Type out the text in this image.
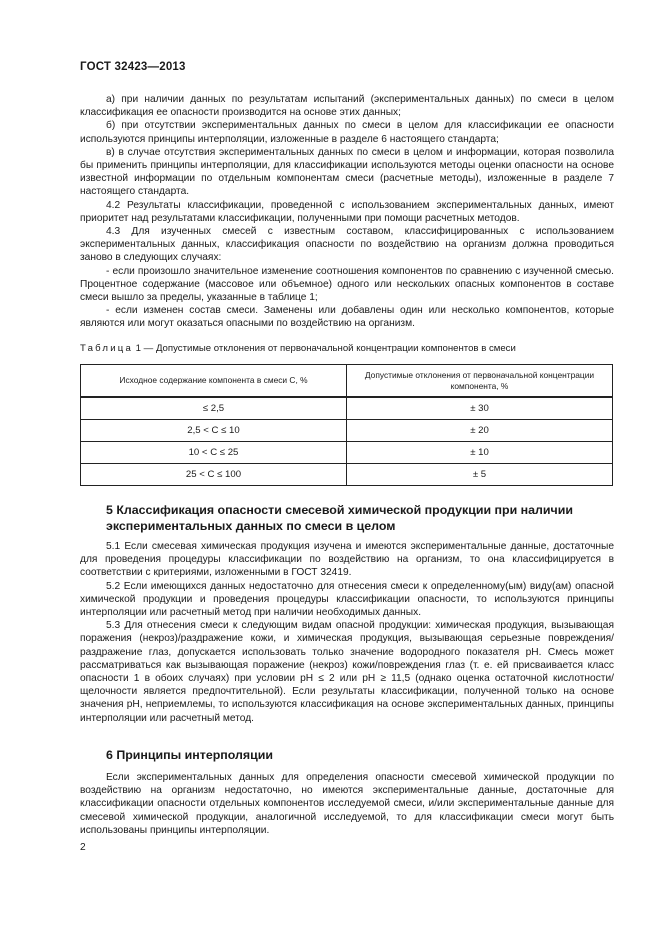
ГОСТ 32423—2013

а) при наличии данных по результатам испытаний (экспериментальных данных) по смеси в целом классификация ее опасности производится на основе этих данных;

б) при отсутствии экспериментальных данных по смеси в целом для классификации ее опасности используются принципы интерполяции, изложенные в разделе 6 настоящего стандарта;

в) в случае отсутствия экспериментальных данных по смеси в целом и информации, которая позволила бы применить принципы интерполяции, для классификации используются методы оценки опасности на основе известной информации по отдельным компонентам смеси (расчетные методы), изложенные в разделе 7 настоящего стандарта.

4.2 Результаты классификации, проведенной с использованием экспериментальных данных, имеют приоритет над результатами классификации, полученными при помощи расчетных методов.

4.3 Для изученных смесей с известным составом, классифицированных с использованием экспериментальных данных, классификация опасности по воздействию на организм должна проводиться заново в следующих случаях:

- если произошло значительное изменение соотношения компонентов по сравнению с изученной смесью. Процентное содержание (массовое или объемное) одного или нескольких опасных компонентов в составе смеси вышло за пределы, указанные в таблице 1;

- если изменен состав смеси. Заменены или добавлены один или несколько компонентов, которые являются или могут оказаться опасными по воздействию на организм.

Таблица 1 — Допустимые отклонения от первоначальной концентрации компонентов в смеси
Исходное содержание компонента в смеси C, %	Допустимые отклонения от первоначальной концентрации компонента, %
≤ 2,5	± 30
2,5 < C ≤ 10	± 20
10 < C ≤ 25	± 10
25 < C ≤ 100	± 5
5 Классификация опасности смесевой химической продукции при наличии экспериментальных данных по смеси в целом

5.1 Если смесевая химическая продукция изучена и имеются экспериментальные данные, достаточные для проведения процедуры классификации по воздействию на организм, то она классифицируется в соответствии с критериями, изложенными в ГОСТ 32419.

5.2 Если имеющихся данных недостаточно для отнесения смеси к определенному(ым) виду(ам) опасной химической продукции и проведения процедуры классификации опасности, то используются принципы интерполяции или расчетный метод при наличии необходимых данных.

5.3 Для отнесения смеси к следующим видам опасной продукции: химическая продукция, вызывающая поражения (некроз)/раздражение кожи, и химическая продукция, вызывающая серьезные повреждения/раздражение глаз, допускается использовать только значение водородного показателя pH. Смесь может рассматриваться как вызывающая поражение (некроз) кожи/повреждения глаз (т. е. ей присваивается класс опасности 1 в обоих случаях) при условии pH ≤ 2 или pH ≥ 11,5 (однако оценка остаточной кислотности/щелочности является предпочтительной). Если результаты классификации, полученной только на основе значения pH, неприемлемы, то используются классификация на основе экспериментальных данных, принципы интерполяции или расчетный метод.

6 Принципы интерполяции

Если экспериментальных данных для определения опасности смесевой химической продукции по воздействию на организм недостаточно, но имеются экспериментальные данные, достаточные для классификации опасности отдельных компонентов исследуемой смеси, и/или экспериментальные данные для смесевой химической продукции, аналогичной исследуемой, то для классификации смеси могут быть использованы принципы интерполяции.

2
